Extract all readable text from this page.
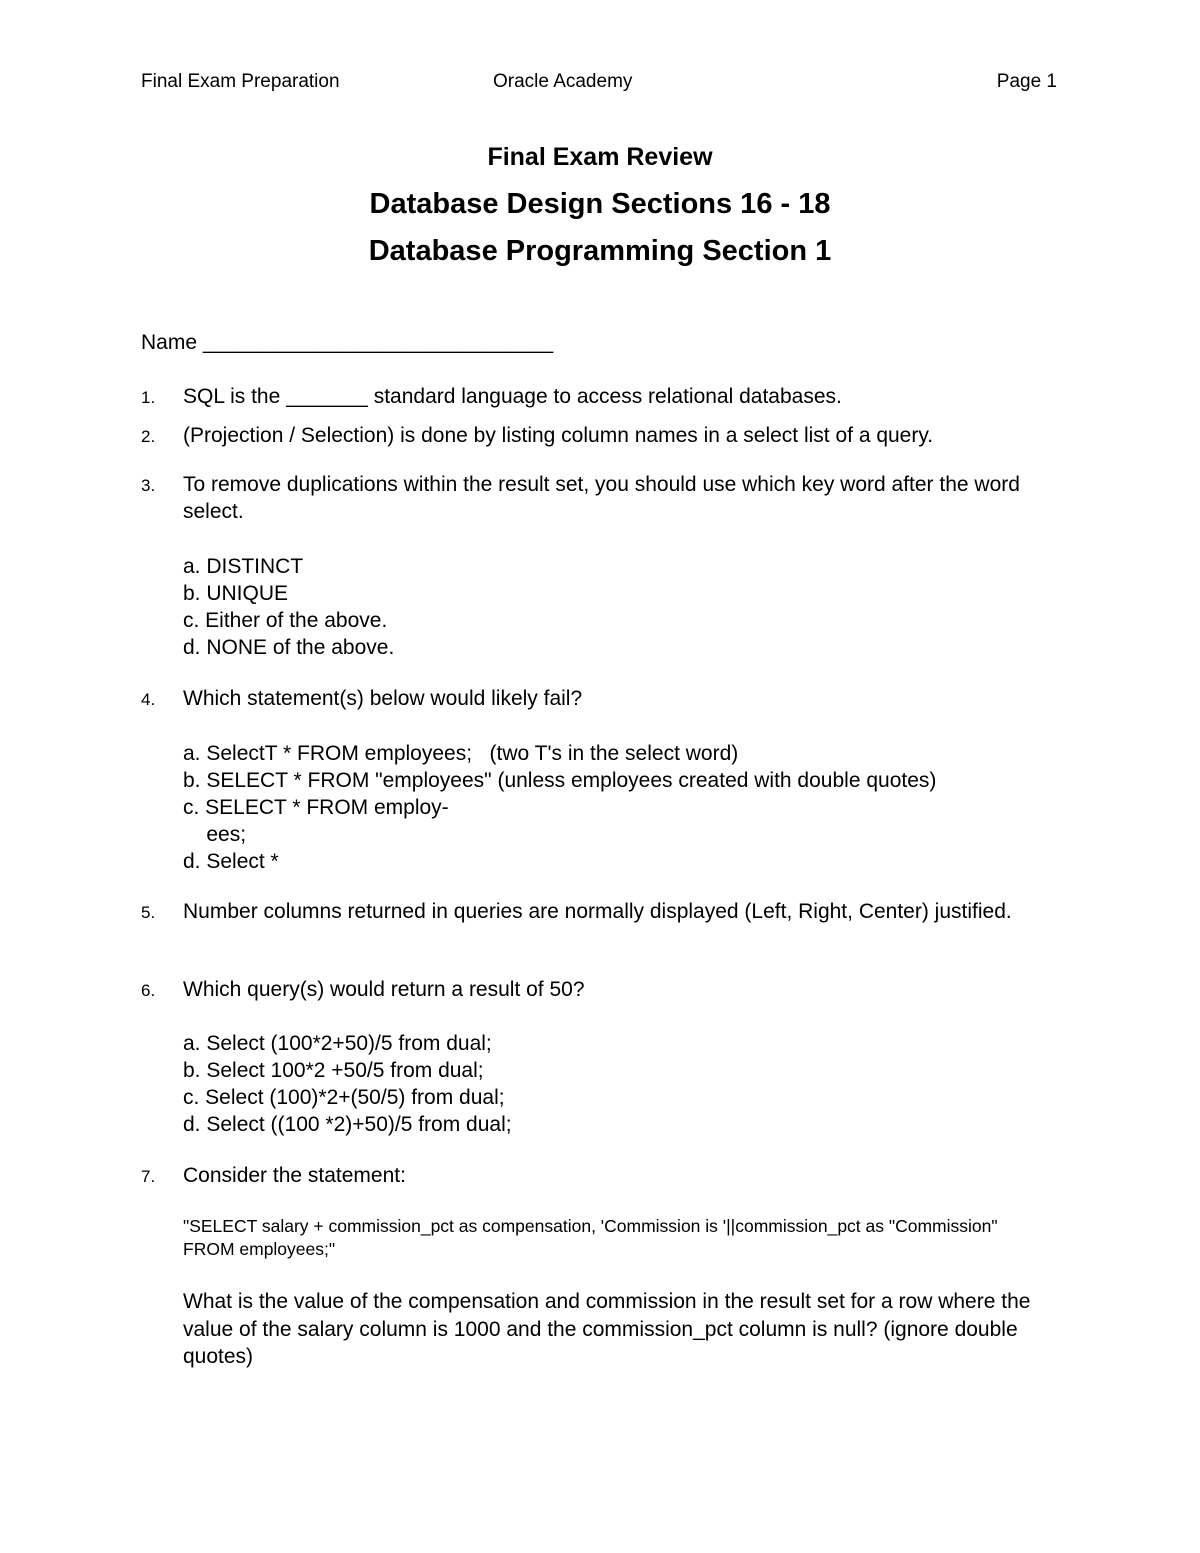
Final Exam Preparation	Oracle Academy	Page 1
Final Exam Review
Database Design Sections 16 - 18
Database Programming Section 1
Name ______________________________
1. SQL is the _______ standard language to access relational databases.
2. (Projection / Selection) is done by listing column names in a select list of a query.
3. To remove duplications within the result set, you should use which key word after the word select.
a. DISTINCT
b. UNIQUE
c. Either of the above.
d. NONE of the above.
4. Which statement(s) below would likely fail?
a. SelectT * FROM employees;   (two T's in the select word)
b. SELECT * FROM "employees" (unless employees created with double quotes)
c. SELECT * FROM employ-
ees;
d. Select *
5. Number columns returned in queries are normally displayed (Left, Right, Center) justified.
6. Which query(s) would return a result of 50?
a. Select (100*2+50)/5 from dual;
b. Select 100*2 +50/5 from dual;
c. Select (100)*2+(50/5) from dual;
d. Select ((100 *2)+50)/5 from dual;
7. Consider the statement:
"SELECT salary + commission_pct as compensation, 'Commission is '||commission_pct as "Commission" FROM employees;"
What is the value of the compensation and commission in the result set for a row where the value of the salary column is 1000 and the commission_pct column is null? (ignore double quotes)
